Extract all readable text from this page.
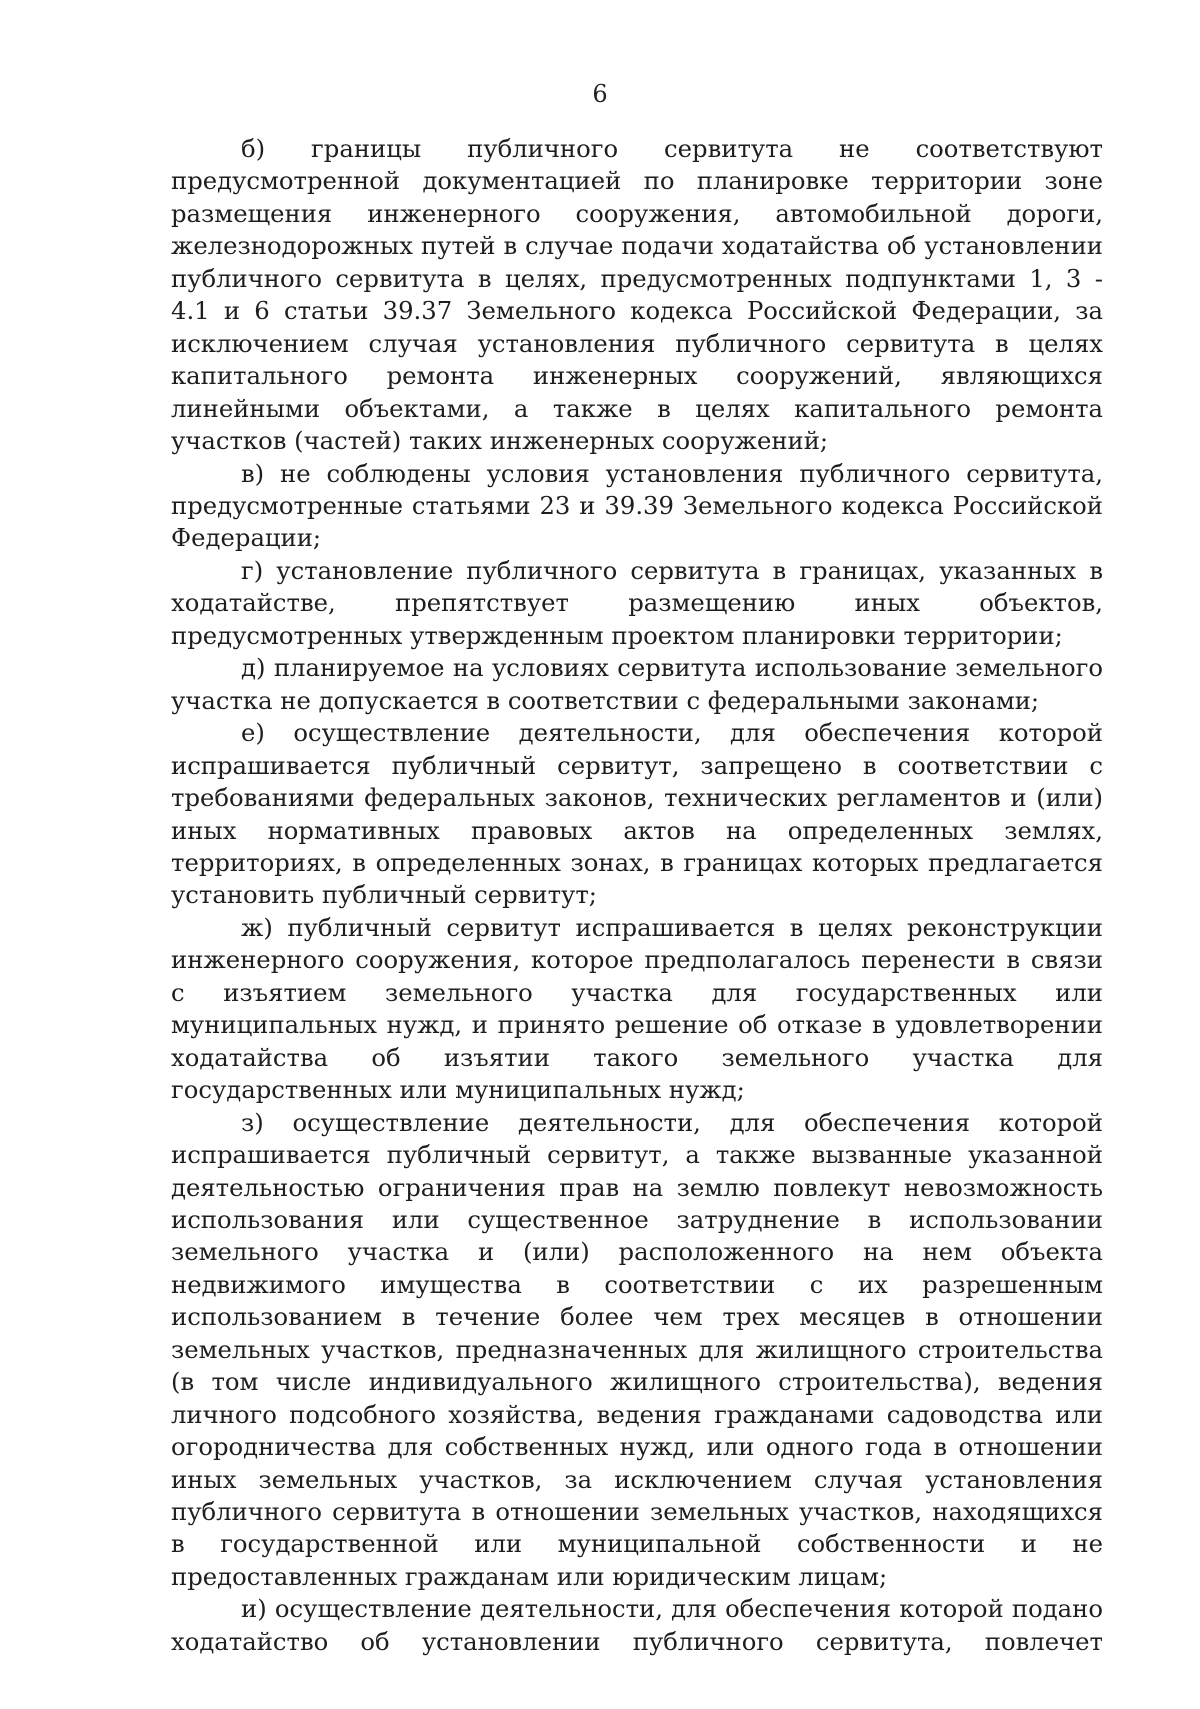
6

б) границы публичного сервитута не соответствуют предусмотренной документацией по планировке территории зоне размещения инженерного сооружения, автомобильной дороги, железнодорожных путей в случае подачи ходатайства об установлении публичного сервитута в целях, предусмотренных подпунктами 1, 3 - 4.1 и 6 статьи 39.37 Земельного кодекса Российской Федерации, за исключением случая установления публичного сервитута в целях капитального ремонта инженерных сооружений, являющихся линейными объектами, а также в целях капитального ремонта участков (частей) таких инженерных сооружений;

в) не соблюдены условия установления публичного сервитута, предусмотренные статьями 23 и 39.39 Земельного кодекса Российской Федерации;

г) установление публичного сервитута в границах, указанных в ходатайстве, препятствует размещению иных объектов, предусмотренных утвержденным проектом планировки территории;

д) планируемое на условиях сервитута использование земельного участка не допускается в соответствии с федеральными законами;

е) осуществление деятельности, для обеспечения которой испрашивается публичный сервитут, запрещено в соответствии с требованиями федеральных законов, технических регламентов и (или) иных нормативных правовых актов на определенных землях, территориях, в определенных зонах, в границах которых предлагается установить публичный сервитут;

ж) публичный сервитут испрашивается в целях реконструкции инженерного сооружения, которое предполагалось перенести в связи с изъятием земельного участка для государственных или муниципальных нужд, и принято решение об отказе в удовлетворении ходатайства об изъятии такого земельного участка для государственных или муниципальных нужд;

з) осуществление деятельности, для обеспечения которой испрашивается публичный сервитут, а также вызванные указанной деятельностью ограничения прав на землю повлекут невозможность использования или существенное затруднение в использовании земельного участка и (или) расположенного на нем объекта недвижимого имущества в соответствии с их разрешенным использованием в течение более чем трех месяцев в отношении земельных участков, предназначенных для жилищного строительства (в том числе индивидуального жилищного строительства), ведения личного подсобного хозяйства, ведения гражданами садоводства или огородничества для собственных нужд, или одного года в отношении иных земельных участков, за исключением случая установления публичного сервитута в отношении земельных участков, находящихся в государственной или муниципальной собственности и не предоставленных гражданам или юридическим лицам;

и) осуществление деятельности, для обеспечения которой подано ходатайство об установлении публичного сервитута, повлечет
